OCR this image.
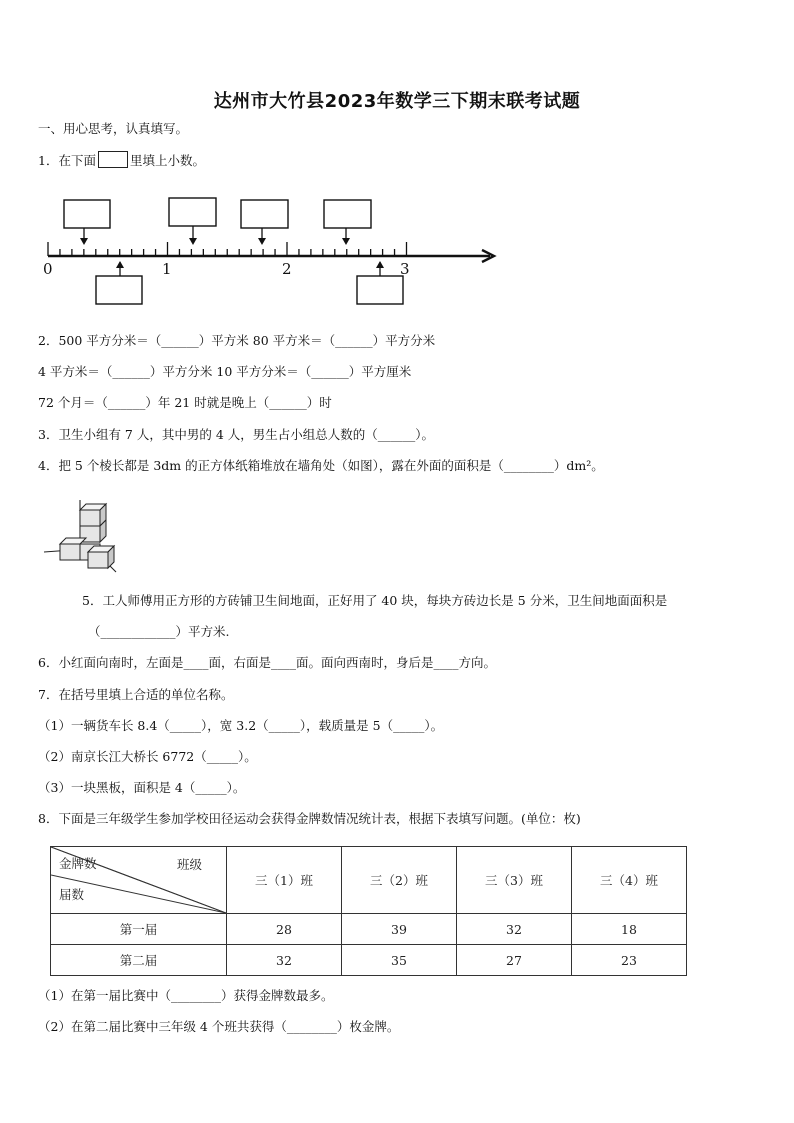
达州市大竹县2023年数学三下期末联考试题
一、用心思考，认真填写。
1．在下面	里填上小数。
0	1	2	3
2．500 平方分米＝（______）平方米 80 平方米＝（______）平方分米
4 平方米＝（______）平方分米 10 平方分米＝（______）平方厘米
72 个月＝（______）年 21 时就是晚上（______）时
3．卫生小组有 7 人，其中男的 4 人，男生占小组总人数的（______）。
4．把 5 个棱长都是 3dm 的正方体纸箱堆放在墙角处（如图），露在外面的面积是（________）dm²。
5．工人师傅用正方形的方砖铺卫生间地面，正好用了 40 块，每块方砖边长是 5 分米，卫生间地面面积是
（____________）平方米.
6．小红面向南时，左面是____面，右面是____面。面向西南时，身后是____方向。
7．在括号里填上合适的单位名称。
（1）一辆货车长 8.4（_____），宽 3.2（_____），载质量是 5（_____）。
（2）南京长江大桥长 6772（_____）。
（3）一块黑板，面积是 4（_____）。
8．下面是三年级学生参加学校田径运动会获得金牌数情况统计表，根据下表填写问题。(单位：枚)
金牌数 班级
届数	三（1）班	三（2）班	三（3）班	三（4）班
第一届	28	39	32	18
第二届	32	35	27	23
（1）在第一届比赛中（________）获得金牌数最多。
（2）在第二届比赛中三年级 4 个班共获得（________）枚金牌。
